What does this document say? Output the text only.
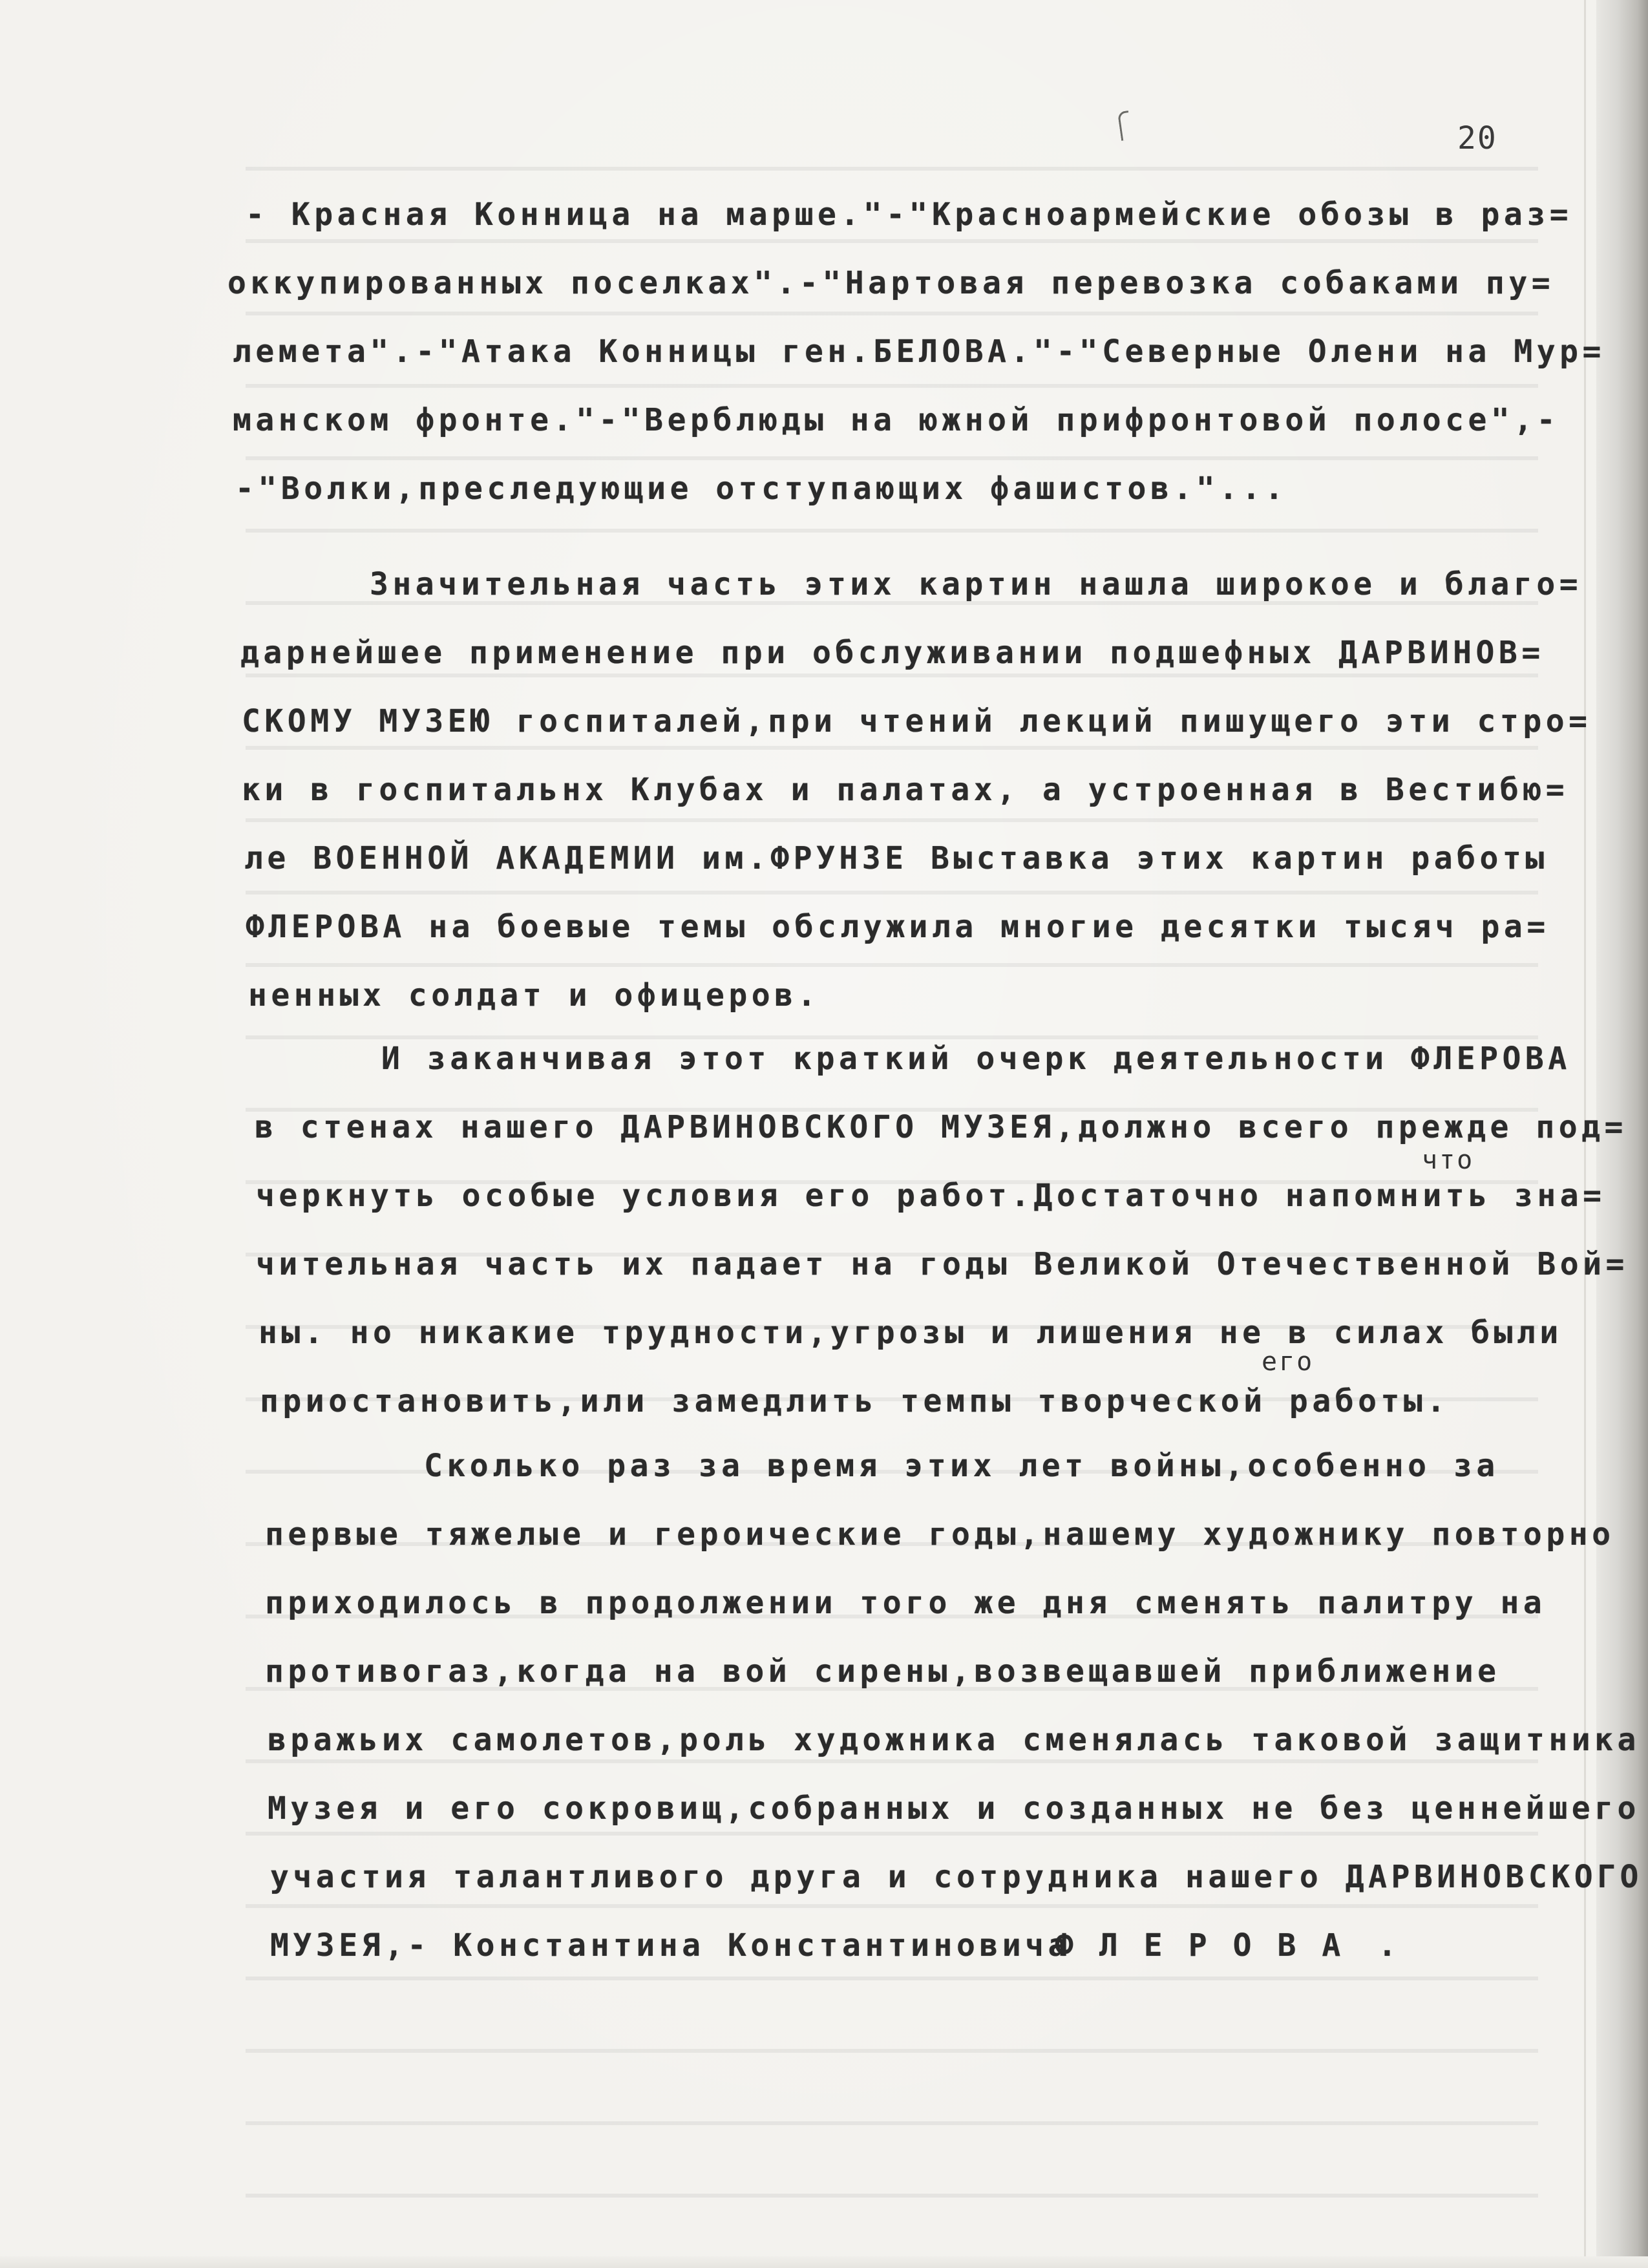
20
- Красная Конница на марше."-"Красноармейские обозы в раз=
оккупированных поселках".-"Нартовая перевозка собаками пу=
лемета".-"Атака Конницы ген.БЕЛОВА."-"Северные Олени на Мур=
манском фронте."-"Верблюды на южной прифронтовой полосе",-
-"Волки,преследующие отступающих фашистов."...
Значительная часть этих картин нашла широкое и благо=
дарнейшее применение при обслуживании подшефных ДАРВИНОВ=
СКОМУ МУЗЕЮ госпиталей,при чтений лекций пишущего эти стро=
ки в госпитальнх Клубах и палатах, а устроенная в Вестибю=
ле ВОЕННОЙ АКАДЕМИИ им.ФРУНЗЕ Выставка этих картин работы
ФЛЕРОВА на боевые темы обслужила многие десятки тысяч ра=
ненных солдат и офицеров.
И заканчивая этот краткий очерк деятельности ФЛЕРОВА
в стенах нашего ДАРВИНОВСКОГО МУЗЕЯ,должно всего прежде под=
что
черкнуть особые условия его работ.Достаточно напомнить зна=
чительная часть их падает на годы Великой Отечественной Вой=
ны. но никакие трудности,угрозы и лишения не в силах были
его
приостановить,или замедлить темпы творческой работы.
Сколько раз за время этих лет войны,особенно за
первые тяжелые и героические годы,нашему художнику повторно
приходилось в продолжении того же дня сменять палитру на
противогаз,когда на вой сирены,возвещавшей приближение
вражьих самолетов,роль художника сменялась таковой защитника
Музея и его сокровищ,собранных и созданных не без ценнейшего
участия талантливого друга и сотрудника нашего ДАРВИНОВСКОГО
МУЗЕЯ,- Константина Константиновича
ФЛЕРОВА .
